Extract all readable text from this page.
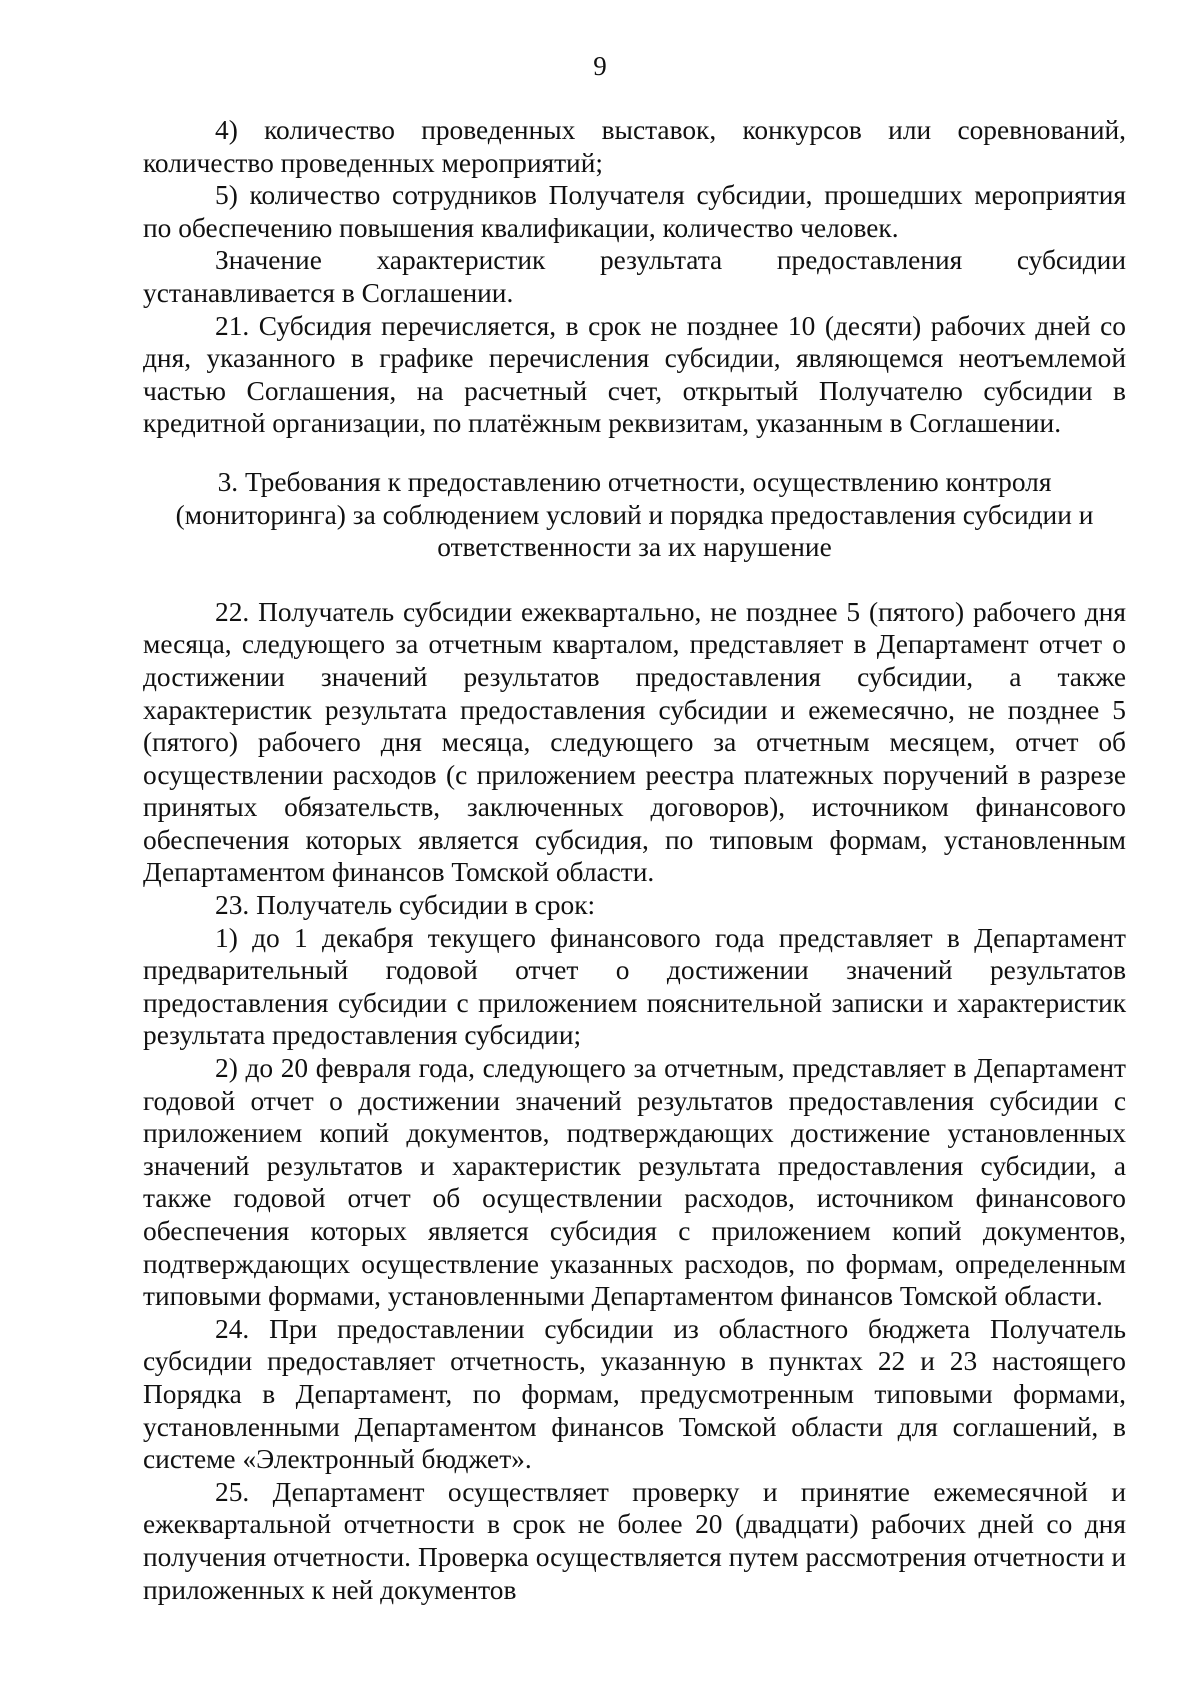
9

4) количество проведенных выставок, конкурсов или соревнований, количество проведенных мероприятий;

5) количество сотрудников Получателя субсидии, прошедших мероприятия по обеспечению повышения квалификации, количество человек.

Значение характеристик результата предоставления субсидии устанавливается в Соглашении.

21. Субсидия перечисляется, в срок не позднее 10 (десяти) рабочих дней со дня, указанного в графике перечисления субсидии, являющемся неотъемлемой частью Соглашения, на расчетный счет, открытый Получателю субсидии в кредитной организации, по платёжным реквизитам, указанным в Соглашении.

3. Требования к предоставлению отчетности, осуществлению контроля
(мониторинга) за соблюдением условий и порядка предоставления субсидии и
ответственности за их нарушение

22. Получатель субсидии ежеквартально, не позднее 5 (пятого) рабочего дня месяца, следующего за отчетным кварталом, представляет в Департамент отчет о достижении значений результатов предоставления субсидии, а также характеристик результата предоставления субсидии и ежемесячно, не позднее 5 (пятого) рабочего дня месяца, следующего за отчетным месяцем, отчет об осуществлении расходов (с приложением реестра платежных поручений в разрезе принятых обязательств, заключенных договоров), источником финансового обеспечения которых является субсидия, по типовым формам, установленным Департаментом финансов Томской области.

23. Получатель субсидии в срок:

1) до 1 декабря текущего финансового года представляет в Департамент предварительный годовой отчет о достижении значений результатов предоставления субсидии с приложением пояснительной записки и характеристик результата предоставления субсидии;

2) до 20 февраля года, следующего за отчетным, представляет в Департамент годовой отчет о достижении значений результатов предоставления субсидии с приложением копий документов, подтверждающих достижение установленных значений результатов и характеристик результата предоставления субсидии, а также годовой отчет об осуществлении расходов, источником финансового обеспечения которых является субсидия с приложением копий документов, подтверждающих осуществление указанных расходов, по формам, определенным типовыми формами, установленными Департаментом финансов Томской области.

24. При предоставлении субсидии из областного бюджета Получатель субсидии предоставляет отчетность, указанную в пунктах 22 и 23 настоящего Порядка в Департамент, по формам, предусмотренным типовыми формами, установленными Департаментом финансов Томской области для соглашений, в системе «Электронный бюджет».

25. Департамент осуществляет проверку и принятие ежемесячной и ежеквартальной отчетности в срок не более 20 (двадцати) рабочих дней со дня получения отчетности. Проверка осуществляется путем рассмотрения отчетности и приложенных к ней документов
